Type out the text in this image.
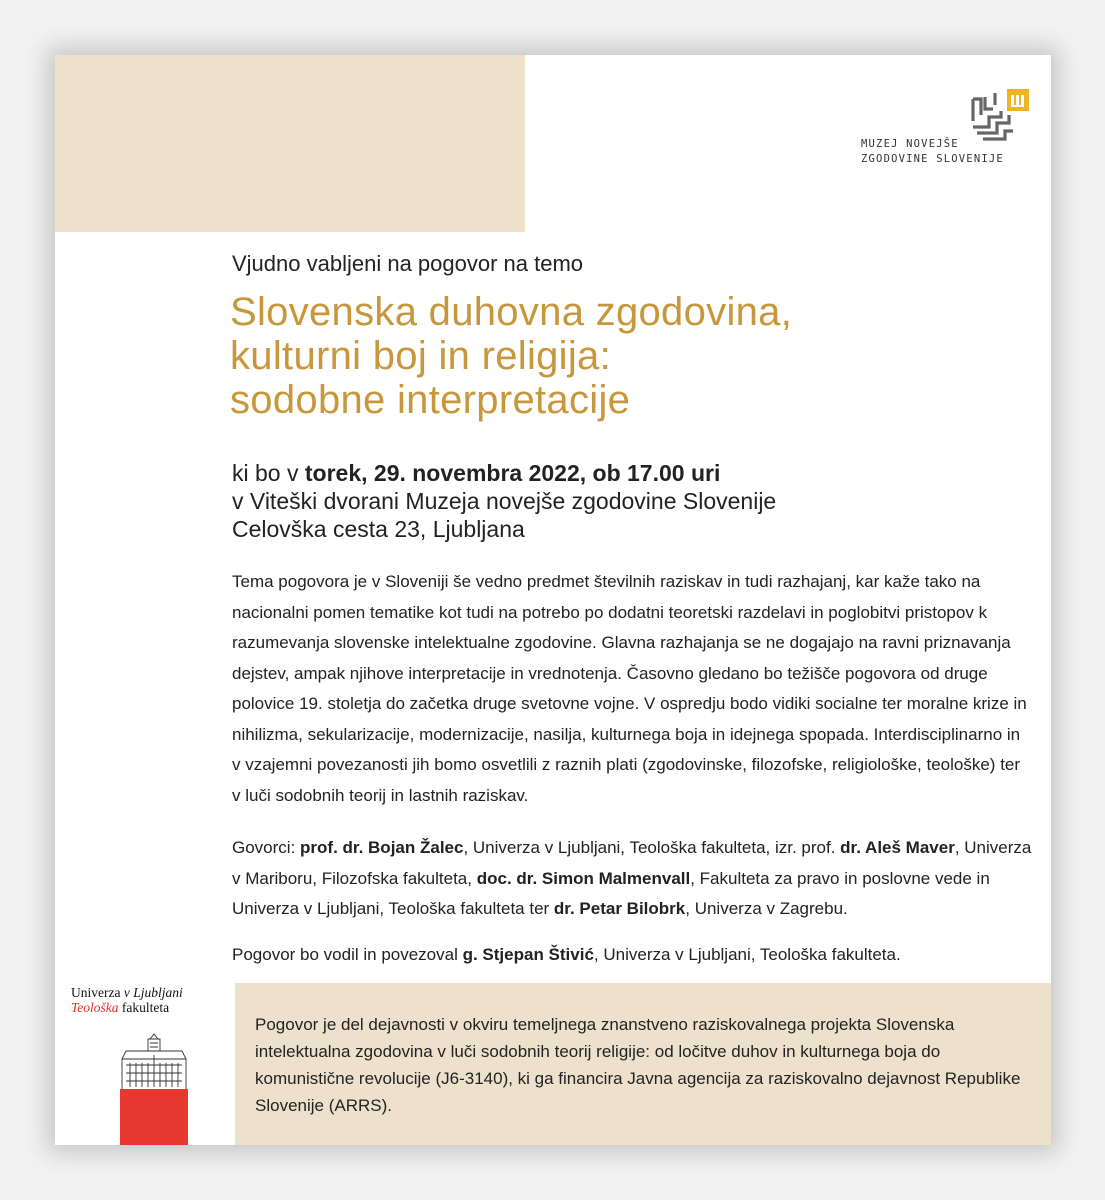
MUZEJ NOVEJŠE
ZGODOVINE SLOVENIJE
Vjudno vabljeni na pogovor na temo
Slovenska duhovna zgodovina,
kulturni boj in religija:
sodobne interpretacije
ki bo v torek, 29. novembra 2022, ob 17.00 uri
v Viteški dvorani Muzeja novejše zgodovine Slovenije
Celovška cesta 23, Ljubljana
Tema pogovora je v Sloveniji še vedno predmet številnih raziskav in tudi razhajanj, kar kaže tako na nacionalni pomen tematike kot tudi na potrebo po dodatni teoretski razdelavi in poglobitvi pristopov k razumevanja slovenske intelektualne zgodovine. Glavna razhajanja se ne dogajajo na ravni priznavanja dejstev, ampak njihove interpretacije in vrednotenja. Časovno gledano bo težišče pogovora od druge polovice 19. stoletja do začetka druge svetovne vojne. V ospredju bodo vidiki socialne ter moralne krize in nihilizma, sekularizacije, modernizacije, nasilja, kulturnega boja in idejnega spopada. Interdisciplinarno in v vzajemni povezanosti jih bomo osvetlili z raznih plati (zgodovinske, filozofske, religiološke, teološke) ter v luči sodobnih teorij in lastnih raziskav.
Govorci: prof. dr. Bojan Žalec, Univerza v Ljubljani, Teološka fakulteta, izr. prof. dr. Aleš Maver, Univerza v Mariboru, Filozofska fakulteta, doc. dr. Simon Malmenvall, Fakulteta za pravo in poslovne vede in Univerza v Ljubljani, Teološka fakulteta ter dr. Petar Bilobrk, Univerza v Zagrebu.
Pogovor bo vodil in povezoval g. Stjepan Štivić, Univerza v Ljubljani, Teološka fakulteta.
Pogovor je del dejavnosti v okviru temeljnega znanstveno raziskovalnega projekta Slovenska intelektualna zgodovina v luči sodobnih teorij religije: od ločitve duhov in kulturnega boja do komunistične revolucije (J6-3140), ki ga financira Javna agencija za raziskovalno dejavnost Republike Slovenije (ARRS).
Univerza v Ljubljani
Teološka fakulteta
